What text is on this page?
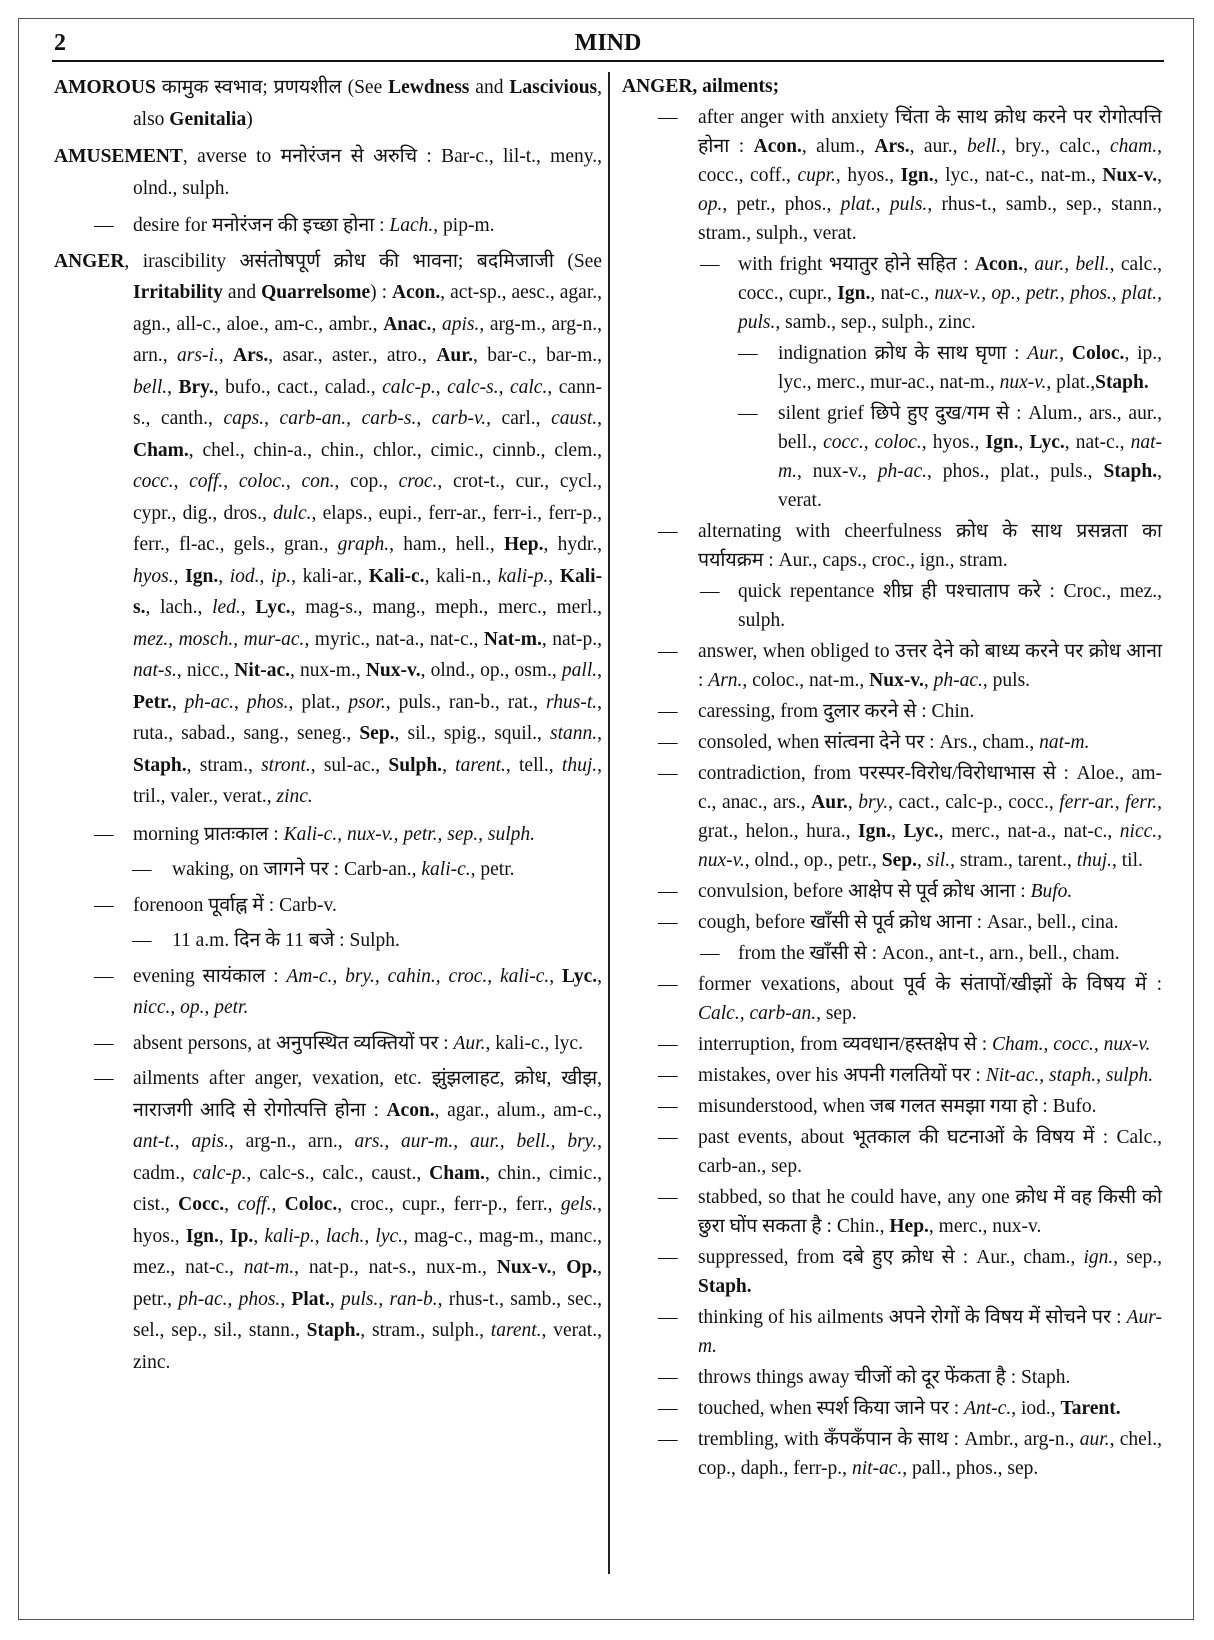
2	MIND
AMOROUS कामुक स्वभाव; प्रणयशील (See Lewdness and Lascivious, also Genitalia)
AMUSEMENT, averse to मनोरंजन से अरुचि : Bar-c., lil-t., meny., olnd., sulph.
— desire for मनोरंजन की इच्छा होना : Lach., pip-m.
ANGER, irascibility असंतोषपूर्ण क्रोध की भावना; बदमिजाजी (See Irritability and Quarrelsome) : Acon., act-sp., aesc., agar., agn., all-c., aloe., am-c., ambr., Anac., apis., arg-m., arg-n., arn., ars-i., Ars., asar., aster., atro., Aur., bar-c., bar-m., bell., Bry., bufo., cact., calad., calc-p., calc-s., calc., cann-s., canth., caps., carb-an., carb-s., carb-v., carl., caust., Cham., chel., chin-a., chin., chlor., cimic., cinnb., clem., cocc., coff., coloc., con., cop., croc., crot-t., cur., cycl., cypr., dig., dros., dulc., elaps., eupi., ferr-ar., ferr-i., ferr-p., ferr., fl-ac., gels., gran., graph., ham., hell., Hep., hydr., hyos., Ign., iod., ip., kali-ar., Kali-c., kali-n., kali-p., Kali-s., lach., led., Lyc., mag-s., mang., meph., merc., merl., mez., mosch., mur-ac., myric., nat-a., nat-c., Nat-m., nat-p., nat-s., nicc., Nit-ac., nux-m., Nux-v., olnd., op., osm., pall., Petr., ph-ac., phos., plat., psor., puls., ran-b., rat., rhus-t., ruta., sabad., sang., seneg., Sep., sil., spig., squil., stann., Staph., stram., stront., sul-ac., Sulph., tarent., tell., thuj., tril., valer., verat., zinc.
— morning प्रातःकाल : Kali-c., nux-v., petr., sep., sulph.
— waking, on जागने पर : Carb-an., kali-c., petr.
— forenoon पूर्वाह्न में : Carb-v.
— 11 a.m. दिन के 11 बजे : Sulph.
— evening सायंकाल : Am-c., bry., cahin., croc., kali-c., Lyc., nicc., op., petr.
— absent persons, at अनुपस्थित व्यक्तियों पर : Aur., kali-c., lyc.
— ailments after anger, vexation, etc. झुंझलाहट, क्रोध, खीझ, नाराजगी आदि से रोगोत्पत्ति होना : Acon., agar., alum., am-c., ant-t., apis., arg-n., arn., ars., aur-m., aur., bell., bry., cadm., calc-p., calc-s., calc., caust., Cham., chin., cimic., cist., Cocc., coff., Coloc., croc., cupr., ferr-p., ferr., gels., hyos., Ign., Ip., kali-p., lach., lyc., mag-c., mag-m., manc., mez., nat-c., nat-m., nat-p., nat-s., nux-m., Nux-v., Op., petr., ph-ac., phos., Plat., puls., ran-b., rhus-t., samb., sec., sel., sep., sil., stann., Staph., stram., sulph., tarent., verat., zinc.
ANGER, ailments;
— after anger with anxiety चिंता के साथ क्रोध करने पर रोगोत्पत्ति होना : Acon., alum., Ars., aur., bell., bry., calc., cham., cocc., coff., cupr., hyos., Ign., lyc., nat-c., nat-m., Nux-v., op., petr., phos., plat., puls., rhus-t., samb., sep., stann., stram., sulph., verat.
— with fright भयातुर होने सहित : Acon., aur., bell., calc., cocc., cupr., Ign., nat-c., nux-v., op., petr., phos., plat., puls., samb., sep., sulph., zinc.
— indignation क्रोध के साथ घृणा : Aur., Coloc., ip., lyc., merc., mur-ac., nat-m., nux-v., plat.,Staph.
— silent grief छिपे हुए दुख/गम से : Alum., ars., aur., bell., cocc., coloc., hyos., Ign., Lyc., nat-c., nat-m., nux-v., ph-ac., phos., plat., puls., Staph., verat.
— alternating with cheerfulness क्रोध के साथ प्रसन्नता का पर्यायक्रम : Aur., caps., croc., ign., stram.
— quick repentance शीघ्र ही पश्चाताप करे : Croc., mez., sulph.
— answer, when obliged to उत्तर देने को बाध्य करने पर क्रोध आना : Arn., coloc., nat-m., Nux-v., ph-ac., puls.
— caressing, from दुलार करने से : Chin.
— consoled, when सांत्वना देने पर : Ars., cham., nat-m.
— contradiction, from परस्पर-विरोध/विरोधाभास से : Aloe., am-c., anac., ars., Aur., bry., cact., calc-p., cocc., ferr-ar., ferr., grat., helon., hura., Ign., Lyc., merc., nat-a., nat-c., nicc., nux-v., olnd., op., petr., Sep., sil., stram., tarent., thuj., til.
— convulsion, before आक्षेप से पूर्व क्रोध आना : Bufo.
— cough, before खाँसी से पूर्व क्रोध आना : Asar., bell., cina.
— from the खाँसी से : Acon., ant-t., arn., bell., cham.
— former vexations, about पूर्व के संतापों/खीझों के विषय में : Calc., carb-an., sep.
— interruption, from व्यवधान/हस्तक्षेप से : Cham., cocc., nux-v.
— mistakes, over his अपनी गलतियों पर : Nit-ac., staph., sulph.
— misunderstood, when जब गलत समझा गया हो : Bufo.
— past events, about भूतकाल की घटनाओं के विषय में : Calc., carb-an., sep.
— stabbed, so that he could have, any one क्रोध में वह किसी को छुरा घोंप सकता है : Chin., Hep., merc., nux-v.
— suppressed, from दबे हुए क्रोध से : Aur., cham., ign., sep., Staph.
— thinking of his ailments अपने रोगों के विषय में सोचने पर : Aur-m.
— throws things away चीजों को दूर फेंकता है : Staph.
— touched, when स्पर्श किया जाने पर : Ant-c., iod., Tarent.
— trembling, with कँपकँपान के साथ : Ambr., arg-n., aur., chel., cop., daph., ferr-p., nit-ac., pall., phos., sep.
